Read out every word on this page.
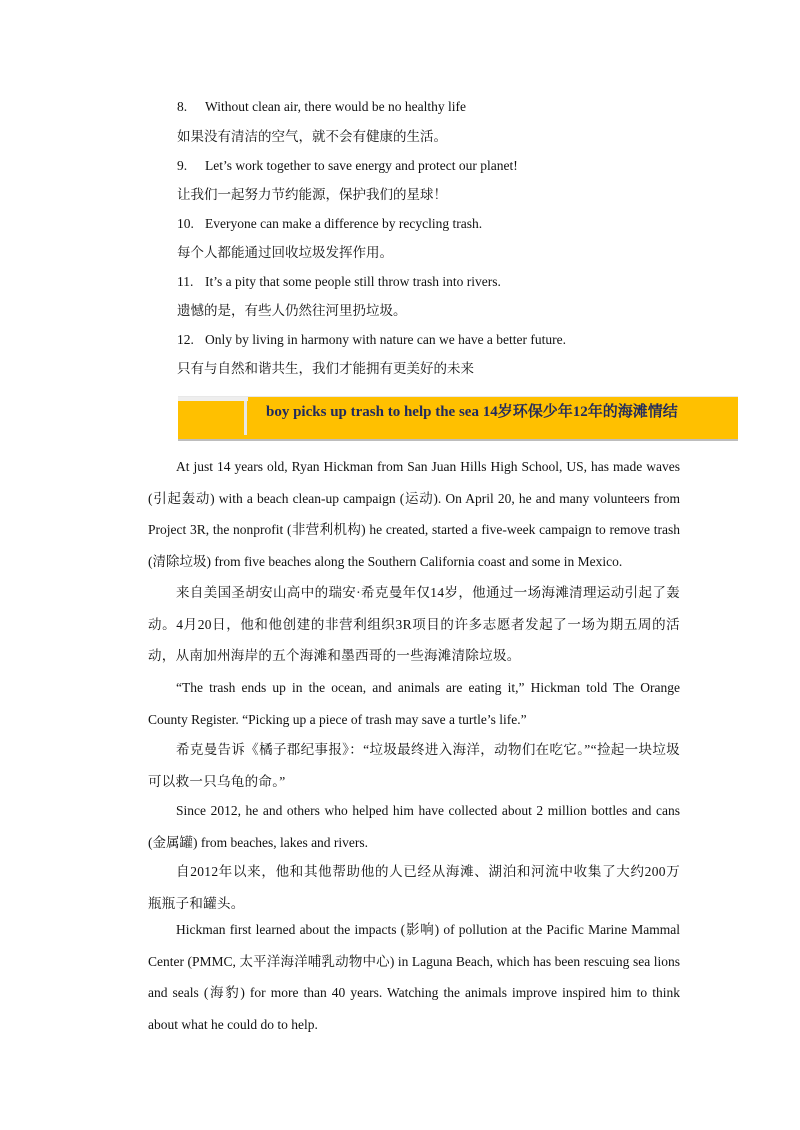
8. Without clean air, there would be no healthy life
如果没有清洁的空气，就不会有健康的生活。
9. Let’s work together to save energy and protect our planet!
让我们一起努力节约能源，保护我们的星球！
10. Everyone can make a difference by recycling trash.
每个人都能通过回收垃圾发挥作用。
11. It’s a pity that some people still throw trash into rivers.
遗憾的是，有些人仍然往河里扔垃圾。
12. Only by living in harmony with nature can we have a better future.
只有与自然和谐共生，我们才能拥有更美好的未来
boy picks up trash to help the sea 14岁环保少年12年的海滩情结
At just 14 years old, Ryan Hickman from San Juan Hills High School, US, has made waves (引起轰动) with a beach clean-up campaign (运动). On April 20, he and many volunteers from Project 3R, the nonprofit (非营利机构) he created, started a five-week campaign to remove trash (清除垃圾) from five beaches along the Southern California coast and some in Mexico.
来自美国圣胡安山高中的瑞安·希克曼年仅14岁，他通过一场海滩清理运动引起了轰动。4月20日，他和他创建的非营利组织3R项目的许多志愿者发起了一场为期五周的活动，从南加州海岸的五个海滩和墨西哥的一些海滩清除垃圾。
“The trash ends up in the ocean, and animals are eating it,” Hickman told The Orange County Register. “Picking up a piece of trash may save a turtle’s life.”
希克曼告诉《橘子郡纪事报》：“垃圾最终进入海洋，动物们在吃它。”“捡起一块垃圾可以救一只乌龟的命。”
Since 2012, he and others who helped him have collected about 2 million bottles and cans (金属罐) from beaches, lakes and rivers.
自2012年以来，他和其他帮助他的人已经从海滩、湖泊和河流中收集了大约200万瓶瓶子和罐头。
Hickman first learned about the impacts (影响) of pollution at the Pacific Marine Mammal Center (PMMC, 太平洋海洋哺乳动物中心) in Laguna Beach, which has been rescuing sea lions and seals (海豹) for more than 40 years. Watching the animals improve inspired him to think about what he could do to help.
